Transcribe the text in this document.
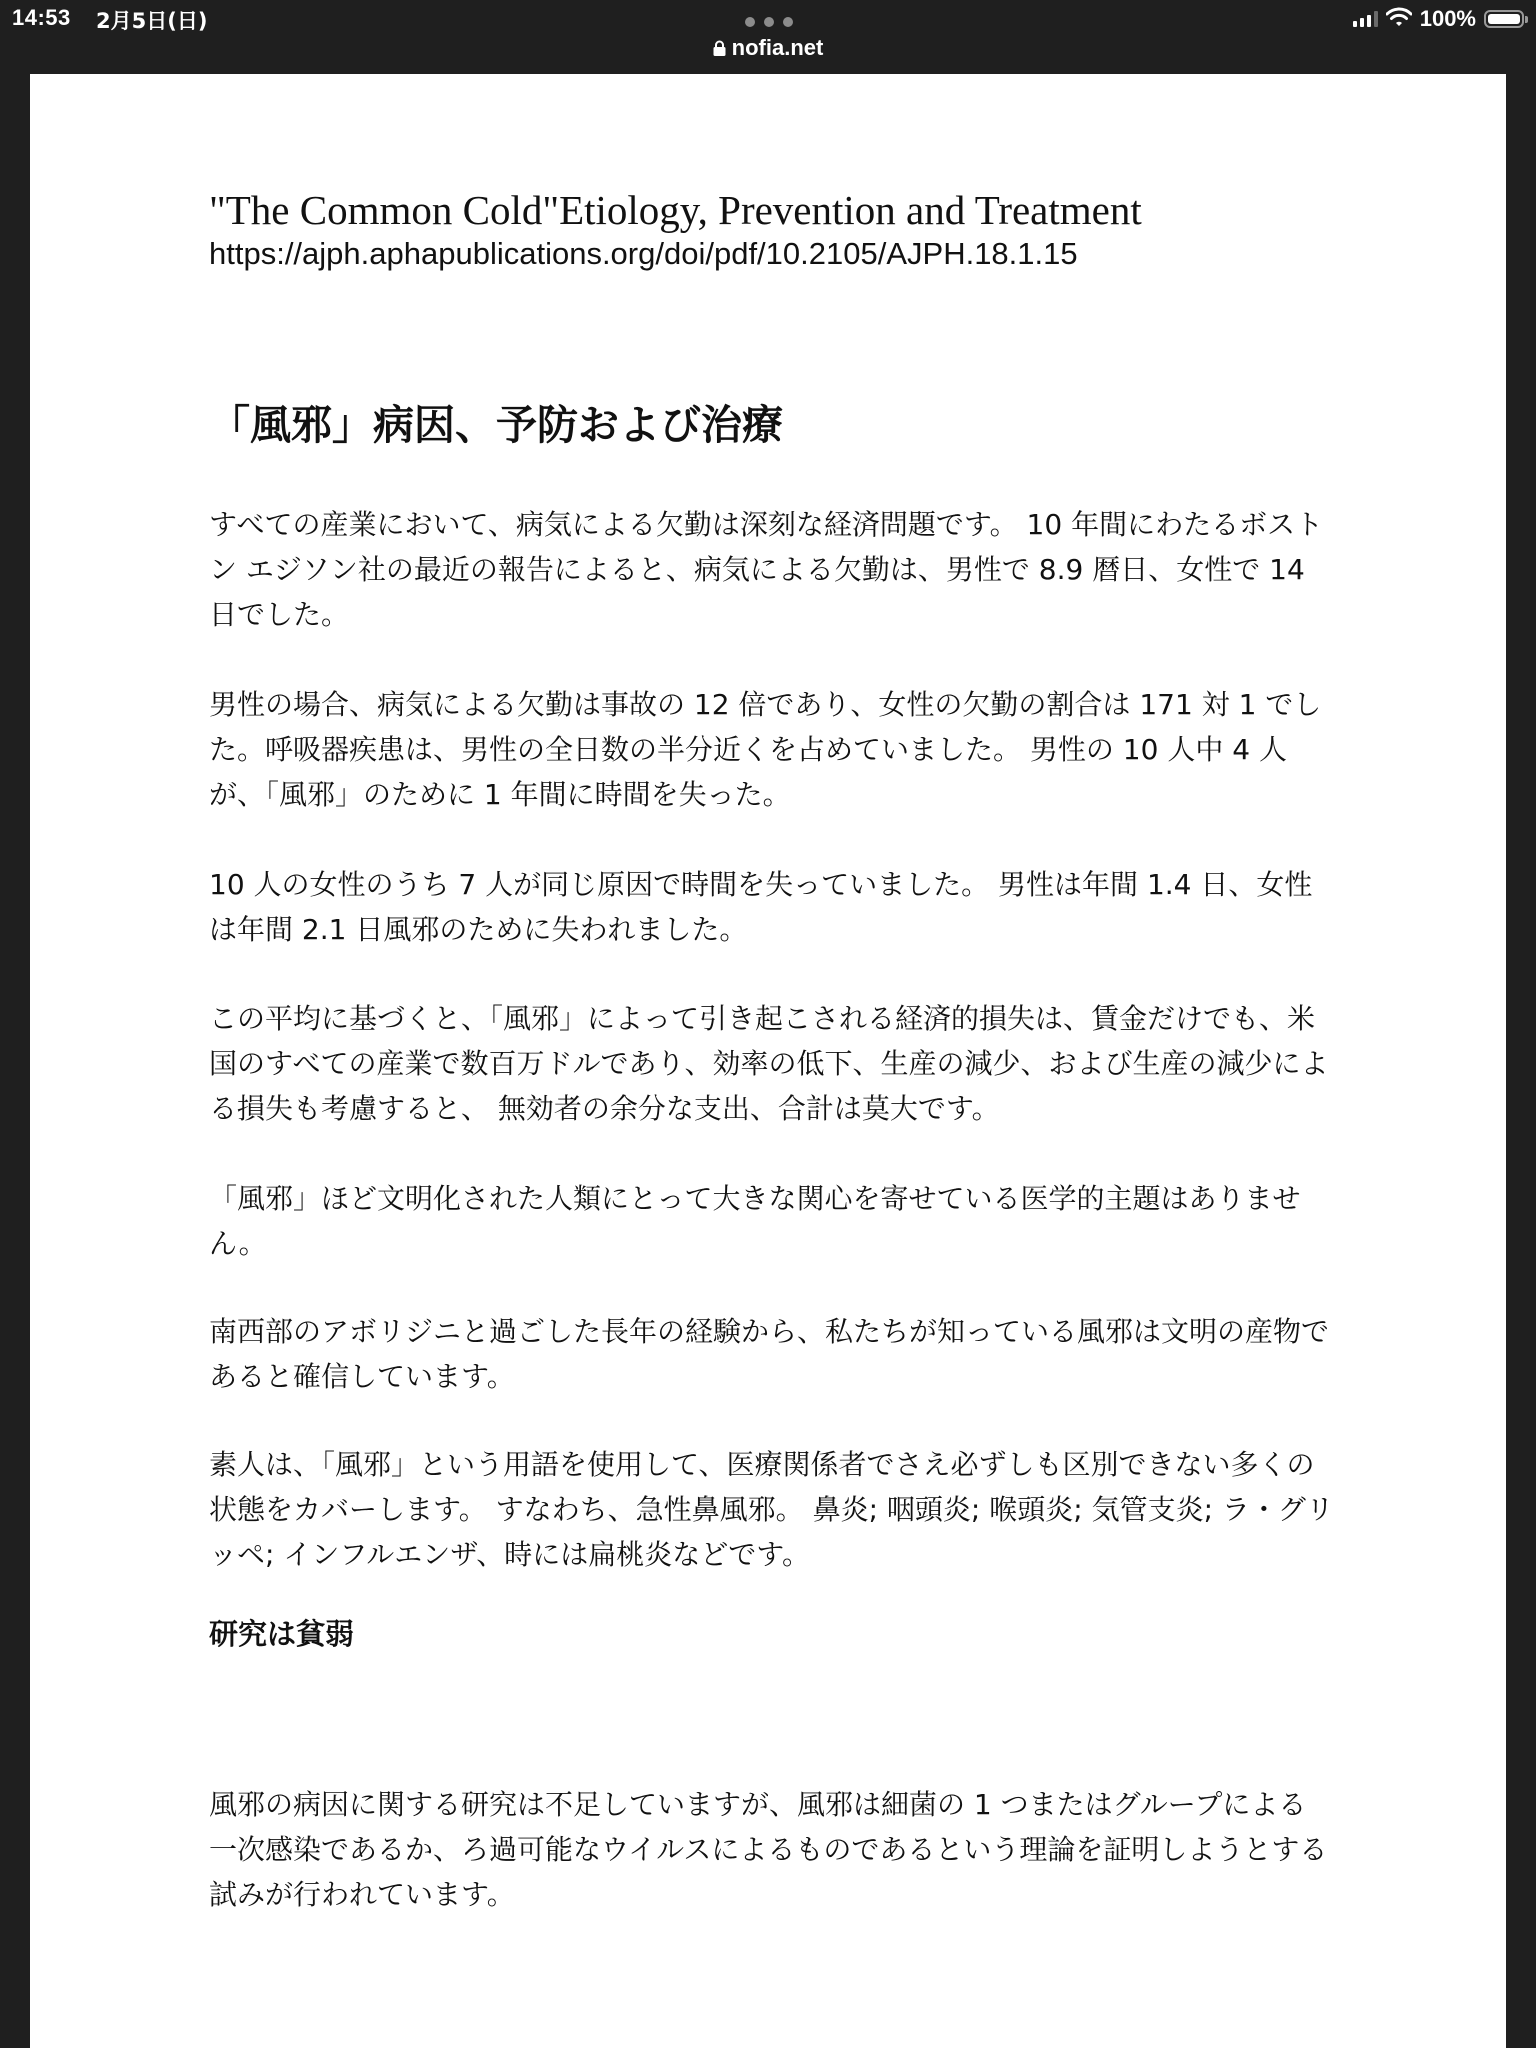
14:53 2月5日(日)
nofia.net
100%
"The Common Cold"Etiology, Prevention and Treatment
https://ajph.aphapublications.org/doi/pdf/10.2105/AJPH.18.1.15
「風邪」病因、予防および治療

すべての産業において、病気による欠勤は深刻な経済問題です。 10 年間にわたるボストン エジソン社の最近の報告によると、病気による欠勤は、男性で 8.9 暦日、女性で 14 日でした。

男性の場合、病気による欠勤は事故の 12 倍であり、女性の欠勤の割合は 171 対 1 でした。呼吸器疾患は、男性の全日数の半分近くを占めていました。 男性の 10 人中 4 人が、「風邪」のために 1 年間に時間を失った。

10 人の女性のうち 7 人が同じ原因で時間を失っていました。 男性は年間 1.4 日、女性は年間 2.1 日風邪のために失われました。

この平均に基づくと、「風邪」によって引き起こされる経済的損失は、賃金だけでも、米国のすべての産業で数百万ドルであり、効率の低下、生産の減少、および生産の減少による損失も考慮すると、 無効者の余分な支出、合計は莫大です。

「風邪」ほど文明化された人類にとって大きな関心を寄せている医学的主題はありません。

南西部のアボリジニと過ごした長年の経験から、私たちが知っている風邪は文明の産物であると確信しています。

素人は、「風邪」という用語を使用して、医療関係者でさえ必ずしも区別できない多くの状態をカバーします。 すなわち、急性鼻風邪。 鼻炎; 咽頭炎; 喉頭炎; 気管支炎; ラ・グリッペ; インフルエンザ、時には扁桃炎などです。

研究は貧弱

風邪の病因に関する研究は不足していますが、風邪は細菌の 1 つまたはグループによる一次感染であるか、ろ過可能なウイルスによるものであるという理論を証明しようとする試みが行われています。
